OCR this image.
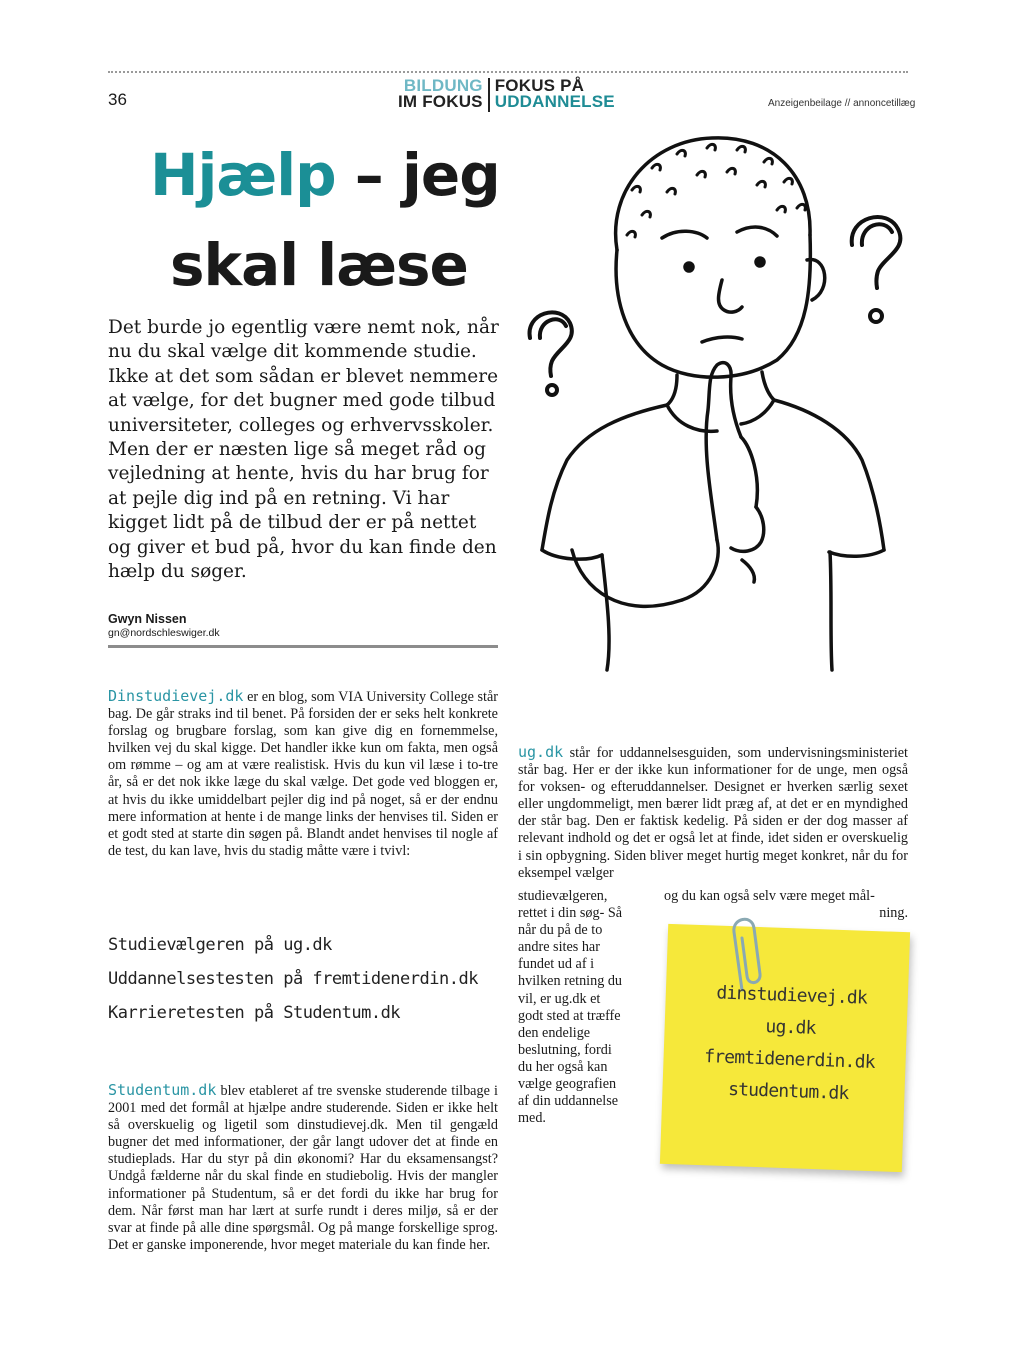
36
BILDUNG
IM FOKUS
FOKUS PÅ
UDDANNELSE	Anzeigenbeilage // annoncetillæg
Hjælp – jeg
skal læse
Det burde jo egentlig være nemt nok, når nu du skal vælge dit kommende studie. Ikke at det som sådan er blevet nemmere at vælge, for det bugner med gode tilbud universiteter, colleges og erhvervsskoler. Men der er næsten lige så meget råd og vejledning at hente, hvis du har brug for at pejle dig ind på en retning. Vi har kigget lidt på de tilbud der er på nettet og giver et bud på, hvor du kan finde den hælp du søger.
Gwyn Nissen
gn@nordschleswiger.dk

Dinstudievej.dk er en blog, som VIA University College står bag. De går straks ind til benet. På forsiden der er seks helt konkrete forslag og brugbare forslag, som kan give dig en fornemmelse, hvilken vej du skal kigge. Det handler ikke kun om fakta, men også om rømme – og am at være realistisk. Hvis du kun vil læse i to-tre år, så er det nok ikke læge du skal vælge. Det gode ved bloggen er, at hvis du ikke umiddelbart pejler dig ind på noget, så er der endnu mere information at hente i de mange links der henvises til. Siden er et godt sted at starte din søgen på. Blandt andet henvises til nogle af de test, du kan lave, hvis du stadig måtte være i tvivl:

Studievælgeren på ug.dk
Uddannelsestesten på fremtidenerdin.dk
Karrieretesten på Studentum.dk

Studentum.dk blev etableret af tre svenske studerende tilbage i 2001 med det formål at hjælpe andre studerende. Siden er ikke helt så overskuelig og ligetil som dinstudievej.dk. Men til gengæld bugner det med informationer, der går langt udover det at finde en studieplads. Har du styr på din økonomi? Har du eksamensangst? Undgå fælderne når du skal finde en studiebolig. Hvis der mangler informationer på Studentum, så er det fordi du ikke har brug for dem. Når først man har lært at surfe rundt i deres miljø, så er der svar at finde på alle dine spørgsmål. Og på mange forskellige sprog. Det er ganske imponerende, hvor meget materiale du kan finde her.

ug.dk står for uddannelsesguiden, som undervisningsministeriet står bag. Her er der ikke kun informationer for de unge, men også for voksen- og efteruddannelser. Designet er hverken særlig sexet eller ungdommeligt, men bærer lidt præg af, at det er en myndighed der står bag. Den er faktisk kedelig. På siden er der dog masser af relevant indhold og det er også let at finde, idet siden er overskuelig i sin opbygning. Siden bliver meget hurtig meget konkret, når du for eksempel vælger

studievælgeren, rettet i din søg- Så når du på de to andre sites har fundet ud af i hvilken retning du vil, er ug.dk et godt sted at træffe den endelige beslutning, fordi du her også kan vælge geografien af din uddannelse med.

og du kan også selv være meget mål-

ning.

dinstudievej.dk
ug.dk
fremtidenerdin.dk
studentum.dk
